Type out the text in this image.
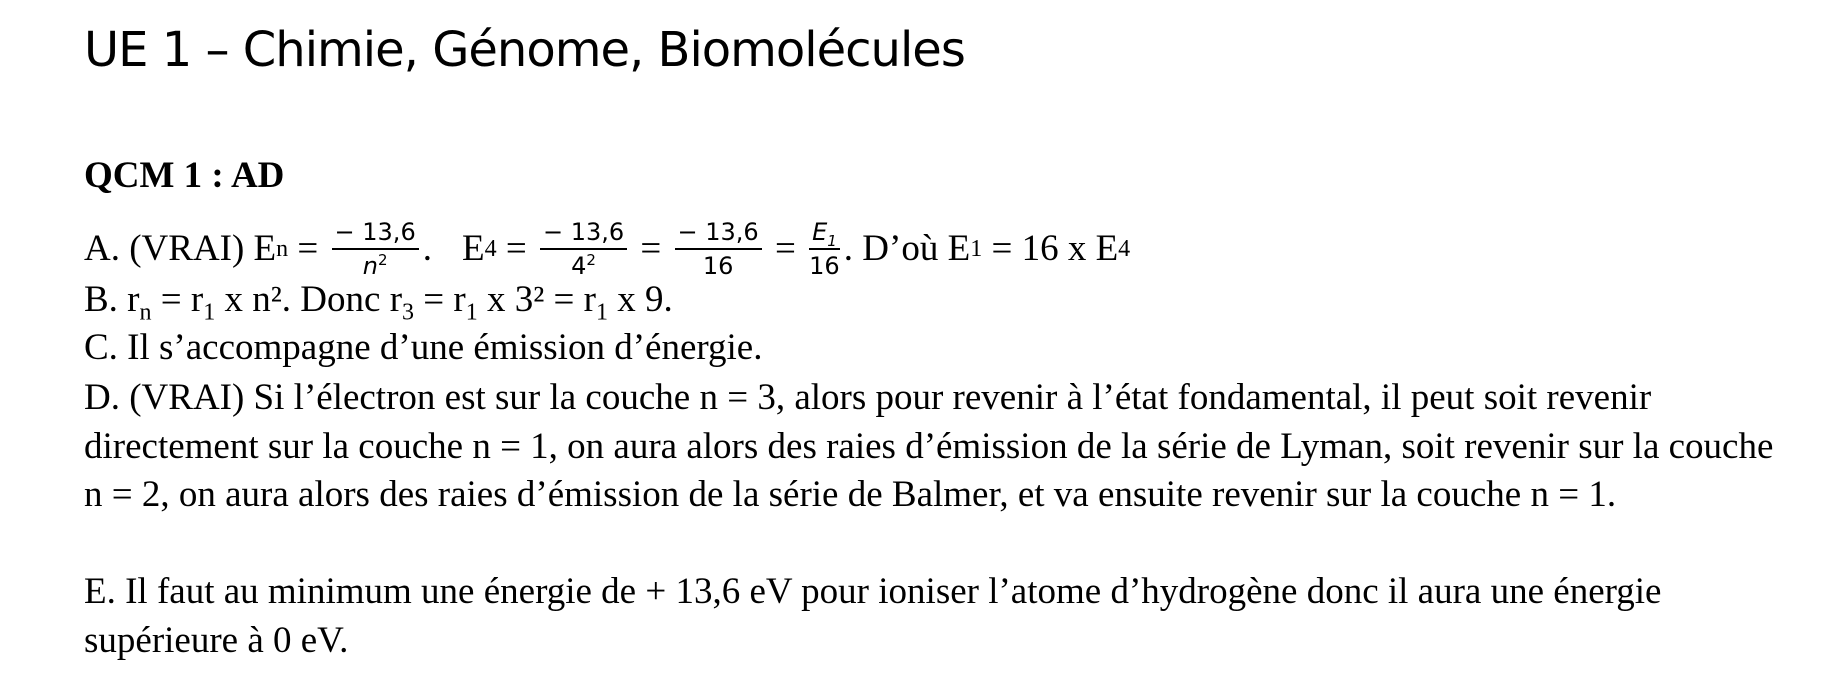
UE 1 – Chimie, Génome, Biomolécules
QCM 1 : AD
A. (VRAI) E $n = \frac{- 13,6}{n^2}$ . E $4 = \frac{- 13,6}{4^2} = \frac{- 13,6}{16} = \frac{E_1}{16}$ . D’où E 1 = 16 x E 4
B. $r_n = r_1$ x n². Donc $r_3 = r_1$ x $3^2 = r_1$ x 9.
C. Il s’accompagne d’une émission d’énergie.
D. (VRAI) Si l’électron est sur la couche n = 3, alors pour revenir à l’état fondamental, il peut soit revenir directement sur la couche n = 1, on aura alors des raies d’émission de la série de Lyman, soit revenir sur la couche n = 2, on aura alors des raies d’émission de la série de Balmer, et va ensuite revenir sur la couche n = 1.
E. Il faut au minimum une énergie de + 13,6 eV pour ioniser l’atome d’hydrogène donc il aura une énergie supérieure à 0 eV.
